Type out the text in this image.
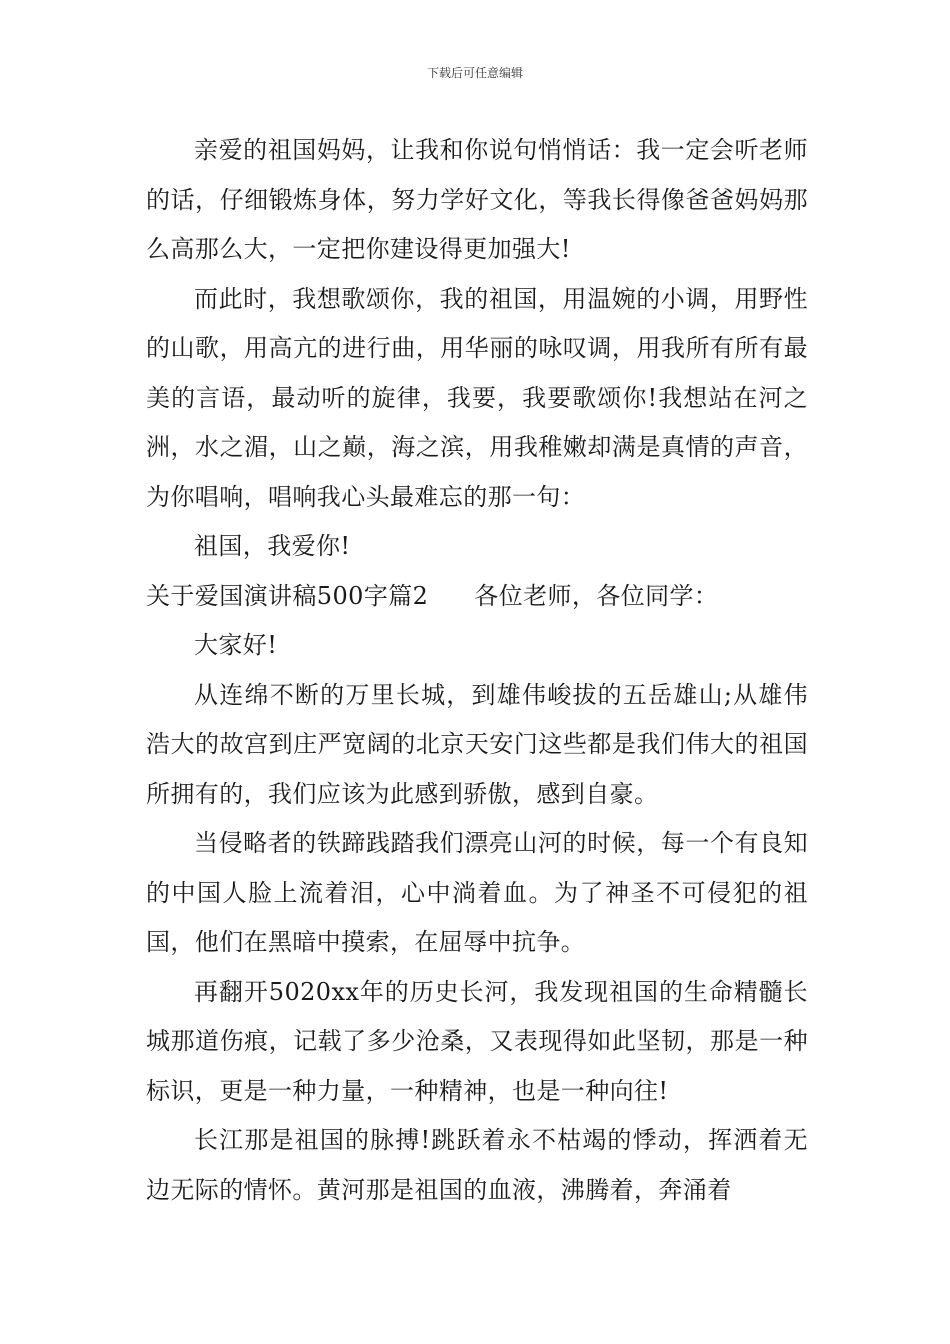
下载后可任意编辑

亲爱的祖国妈妈，让我和你说句悄悄话：我一定会听老师的话，仔细锻炼身体，努力学好文化，等我长得像爸爸妈妈那么高那么大，一定把你建设得更加强大!

而此时，我想歌颂你，我的祖国，用温婉的小调，用野性的山歌，用高亢的进行曲，用华丽的咏叹调，用我所有所有最美的言语，最动听的旋律，我要，我要歌颂你!我想站在河之洲，水之湄，山之巅，海之滨，用我稚嫩却满是真情的声音，为你唱响，唱响我心头最难忘的那一句：

祖国，我爱你!

关于爱国演讲稿500字篇2 各位老师，各位同学：

大家好!

从连绵不断的万里长城，到雄伟峻拔的五岳雄山;从雄伟浩大的故宫到庄严宽阔的北京天安门这些都是我们伟大的祖国所拥有的，我们应该为此感到骄傲，感到自豪。

当侵略者的铁蹄践踏我们漂亮山河的时候，每一个有良知的中国人脸上流着泪，心中淌着血。为了神圣不可侵犯的祖国，他们在黑暗中摸索，在屈辱中抗争。

再翻开5020xx年的历史长河，我发现祖国的生命精髓长城那道伤痕，记载了多少沧桑，又表现得如此坚韧，那是一种标识，更是一种力量，一种精神，也是一种向往!

长江那是祖国的脉搏!跳跃着永不枯竭的悸动，挥洒着无边无际的情怀。黄河那是祖国的血液，沸腾着，奔涌着
